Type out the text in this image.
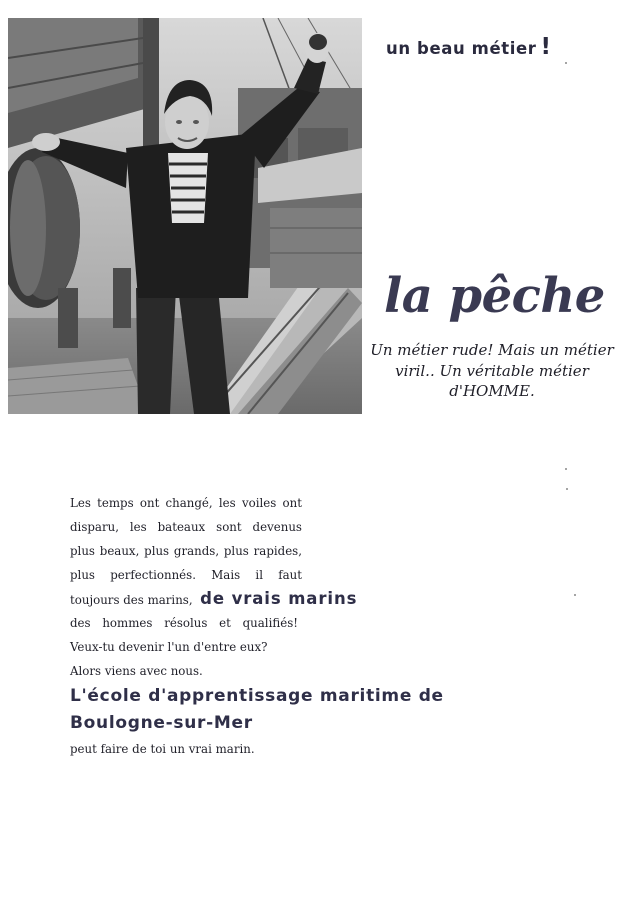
un beau métier !
la pêche
Un métier rude! Mais un métier viril.. Un véritable métier d'HOMME.
Les temps ont changé, les voiles ont
disparu, les bateaux sont devenus
plus beaux, plus grands, plus rapides,
plus perfectionnés. Mais il faut
toujours des marins, de vrais marins
des hommes résolus et qualifiés!
Veux-tu devenir l'un d'entre eux?
Alors viens avec nous.
L'école d'apprentissage maritime de
Boulogne-sur-Mer
peut faire de toi un vrai marin.
